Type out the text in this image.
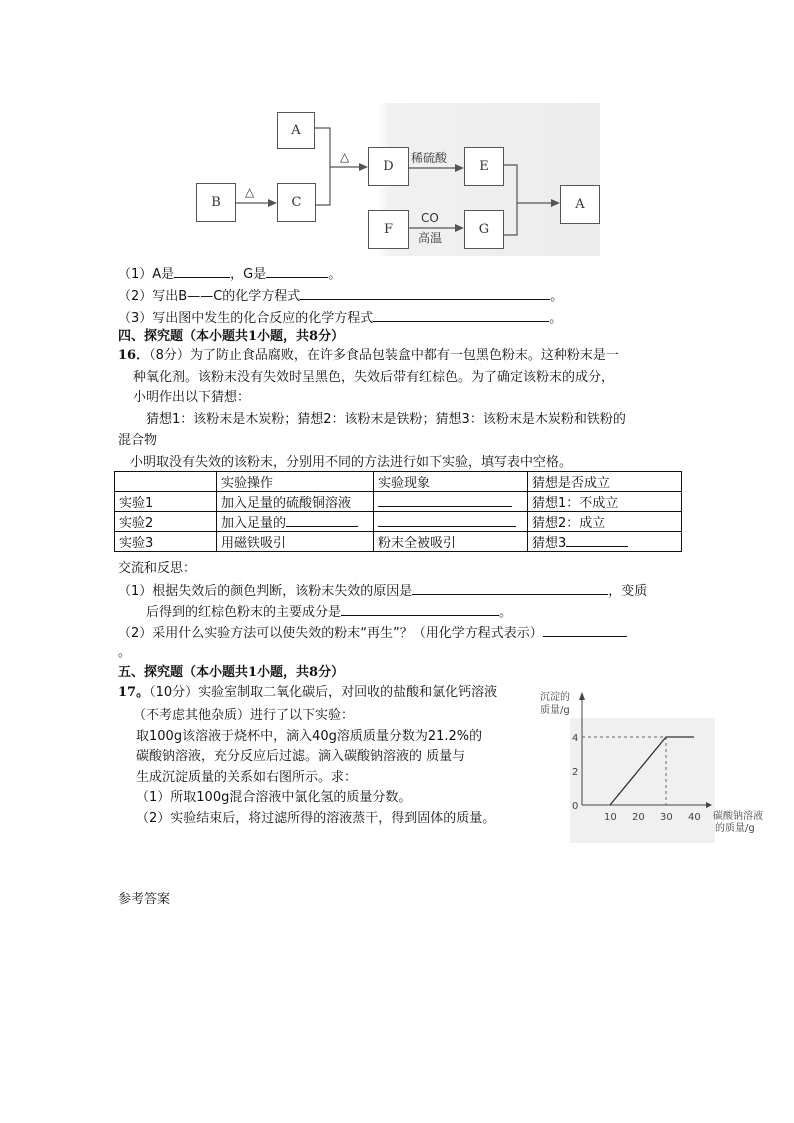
A
B	C
D	E
F	G
A
△
△
稀硫酸
CO
高温
（1）A是	，G是	。
（2）写出B——C的化学方程式	。
（3）写出图中发生的化合反应的化学方程式	。
四、探究题（本小题共1小题，共8分）
16．（8分）为了防止食品腐败，在许多食品包装盒中都有一包黑色粉末。这种粉末是一
种氧化剂。该粉末没有失效时呈黑色，失效后带有红棕色。为了确定该粉末的成分，
小明作出以下猜想：
猜想1：该粉末是木炭粉；猜想2：该粉末是铁粉；猜想3：该粉末是木炭粉和铁粉的
混合物
小明取没有失效的该粉末，分别用不同的方法进行如下实验，填写表中空格。
	实验操作	实验现象	猜想是否成立
实验1	加入足量的硫酸铜溶液		猜想1：不成立
实验2	加入足量的		猜想2：成立
实验3	用磁铁吸引	粉末全被吸引	猜想3
交流和反思：
（1）根据失效后的颜色判断，该粉末失效的原因是	，变质
后得到的红棕色粉末的主要成分是	。
（2）采用什么实验方法可以使失效的粉末“再生”？（用化学方程式表示）
。
五、探究题（本小题共1小题，共8分）
17。（10分）实验室制取二氧化碳后，对回收的盐酸和氯化钙溶液
（不考虑其他杂质）进行了以下实验：
取100g该溶液于烧杯中，滴入40g溶质质量分数为21.2%的
碳酸钠溶液，充分反应后过滤。滴入碳酸钠溶液的 质量与
生成沉淀质量的关系如右图所示。求：
（1）所取100g混合溶液中氯化氢的质量分数。
（2）实验结束后，将过滤所得的溶液蒸干，得到固体的质量。
沉淀的
质量/g
碳酸钠溶液
的质量/g
10 20 30 40
0
2
4
参考答案
